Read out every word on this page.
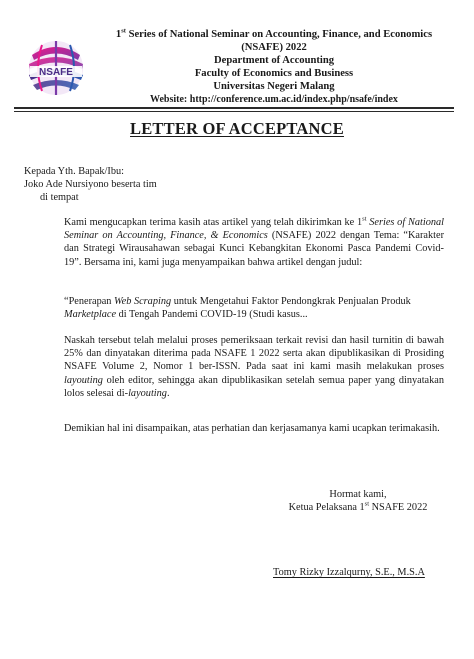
NSAFE
1st Series of National Seminar on Accounting, Finance, and Economics
(NSAFE) 2022
Department of Accounting
Faculty of Economics and Business
Universitas Negeri Malang
Website: http://conference.um.ac.id/index.php/nsafe/index
LETTER OF ACCEPTANCE
Kepada Yth. Bapak/Ibu:
Joko Ade Nursiyono beserta tim
di tempat
Kami mengucapkan terima kasih atas artikel yang telah dikirimkan ke 1st Series of National Seminar on Accounting, Finance, & Economics (NSAFE) 2022 dengan Tema: “Karakter dan Strategi Wirausahawan sebagai Kunci Kebangkitan Ekonomi Pasca Pandemi Covid-19”. Bersama ini, kami juga menyampaikan bahwa artikel dengan judul:
“Penerapan Web Scraping untuk Mengetahui Faktor Pendongkrak Penjualan Produk Marketplace di Tengah Pandemi COVID-19 (Studi kasus...
Naskah tersebut telah melalui proses pemeriksaan terkait revisi dan hasil turnitin di bawah 25% dan dinyatakan diterima pada NSAFE 1 2022 serta akan dipublikasikan di Prosiding NSAFE Volume 2, Nomor 1 ber-ISSN. Pada saat ini kami masih melakukan proses layouting oleh editor, sehingga akan dipublikasikan setelah semua paper yang dinyatakan lolos selesai di-layouting.
Demikian hal ini disampaikan, atas perhatian dan kerjasamanya kami ucapkan terimakasih.
Hormat kami,
Ketua Pelaksana 1st NSAFE 2022
Tomy Rizky Izzalqurny, S.E., M.S.A
